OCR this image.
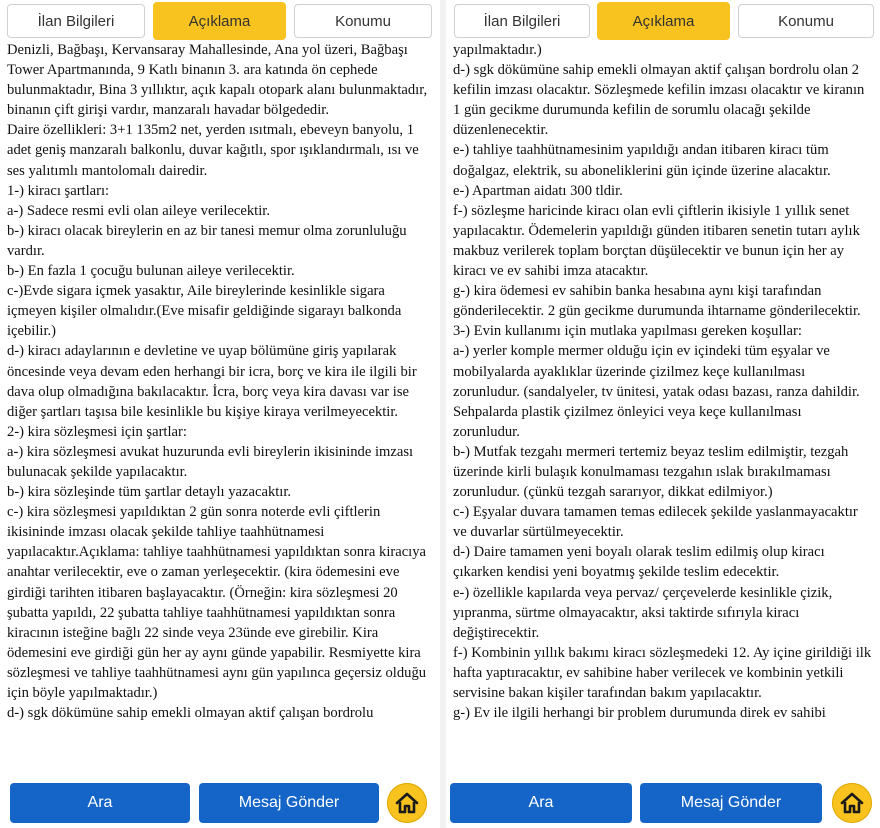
İlan Bilgileri	Açıklama	Konumu

Denizli, Bağbaşı, Kervansaray Mahallesinde, Ana yol üzeri, Bağbaşı Tower Apartmanında, 9 Katlı binanın 3. ara katında ön cephede bulunmaktadır, Bina 3 yıllıktır, açık kapalı otopark alanı bulunmaktadır, binanın çift girişi vardır, manzaralı havadar bölgededir.

Daire özellikleri: 3+1 135m2 net, yerden ısıtmalı, ebeveyn banyolu, 1 adet geniş manzaralı balkonlu, duvar kağıtlı, spor ışıklandırmalı, ısı ve ses yalıtımlı mantolomalı dairedir.

1-) kiracı şartları:

a-) Sadece resmi evli olan aileye verilecektir.

b-) kiracı olacak bireylerin en az bir tanesi memur olma zorunluluğu vardır.

b-) En fazla 1 çocuğu bulunan aileye verilecektir.

c-)Evde sigara içmek yasaktır, Aile bireylerinde kesinlikle sigara içmeyen kişiler olmalıdır.(Eve misafir geldiğinde sigarayı balkonda içebilir.)

d-) kiracı adaylarının e devletine ve uyap bölümüne giriş yapılarak öncesinde veya devam eden herhangi bir icra, borç ve kira ile ilgili bir dava olup olmadığına bakılacaktır. İcra, borç veya kira davası var ise diğer şartları taşısa bile kesinlikle bu kişiye kiraya verilmeyecektir.

2-) kira sözleşmesi için şartlar:

a-) kira sözleşmesi avukat huzurunda evli bireylerin ikisininde imzası bulunacak şekilde yapılacaktır.

b-) kira sözleşinde tüm şartlar detaylı yazacaktır.

c-) kira sözleşmesi yapıldıktan 2 gün sonra noterde evli çiftlerin ikisininde imzası olacak şekilde tahliye taahhütnamesi yapılacaktır.Açıklama: tahliye taahhütnamesi yapıldıktan sonra kiracıya anahtar verilecektir, eve o zaman yerleşecektir. (kira ödemesini eve girdiği tarihten itibaren başlayacaktır. (Örneğin: kira sözleşmesi 20 şubatta yapıldı, 22 şubatta tahliye taahhütnamesi yapıldıktan sonra kiracının isteğine bağlı 22 sinde veya 23ünde eve girebilir. Kira ödemesini eve girdiği gün her ay aynı günde yapabilir. Resmiyette kira sözleşmesi ve tahliye taahhütnamesi aynı gün yapılınca geçersiz olduğu için böyle yapılmaktadır.)

d-) sgk dökümüne sahip emekli olmayan aktif çalışan bordrolu

Ara	Mesaj Gönder
İlan Bilgileri	Açıklama	Konumu

yapılmaktadır.)

d-) sgk dökümüne sahip emekli olmayan aktif çalışan bordrolu olan 2 kefilin imzası olacaktır. Sözleşmede kefilin imzası olacaktır ve kiranın 1 gün gecikme durumunda kefilin de sorumlu olacağı şekilde düzenlenecektir.

e-) tahliye taahhütnamesinim yapıldığı andan itibaren kiracı tüm doğalgaz, elektrik, su aboneliklerini gün içinde üzerine alacaktır.

e-) Apartman aidatı 300 tldir.

f-) sözleşme haricinde kiracı olan evli çiftlerin ikisiyle 1 yıllık senet yapılacaktır. Ödemelerin yapıldığı günden itibaren senetin tutarı aylık makbuz verilerek toplam borçtan düşülecektir ve bunun için her ay kiracı ve ev sahibi imza atacaktır.

g-) kira ödemesi ev sahibin banka hesabına aynı kişi tarafından gönderilecektir. 2 gün gecikme durumunda ihtarname gönderilecektir.

3-) Evin kullanımı için mutlaka yapılması gereken koşullar:

a-) yerler komple mermer olduğu için ev içindeki tüm eşyalar ve mobilyalarda ayaklıklar üzerinde çizilmez keçe kullanılması zorunludur. (sandalyeler, tv ünitesi, yatak odası bazası, ranza dahildir. Sehpalarda plastik çizilmez önleyici veya keçe kullanılması zorunludur.

b-) Mutfak tezgahı mermeri tertemiz beyaz teslim edilmiştir, tezgah üzerinde kirli bulaşık konulmaması tezgahın ıslak bırakılmaması zorunludur. (çünkü tezgah sararıyor, dikkat edilmiyor.)

c-) Eşyalar duvara tamamen temas edilecek şekilde yaslanmayacaktır ve duvarlar sürtülmeyecektir.

d-) Daire tamamen yeni boyalı olarak teslim edilmiş olup kiracı çıkarken kendisi yeni boyatmış şekilde teslim edecektir.

e-) özellikle kapılarda veya pervaz/ çerçevelerde kesinlikle çizik, yıpranma, sürtme olmayacaktır, aksi taktirde sıfırıyla kiracı değiştirecektir.

f-) Kombinin yıllık bakımı kiracı sözleşmedeki 12. Ay içine girildiği ilk hafta yaptıracaktır, ev sahibine haber verilecek ve kombinin yetkili servisine bakan kişiler tarafından bakım yapılacaktır.

g-) Ev ile ilgili herhangi bir problem durumunda direk ev sahibi

Ara	Mesaj Gönder
